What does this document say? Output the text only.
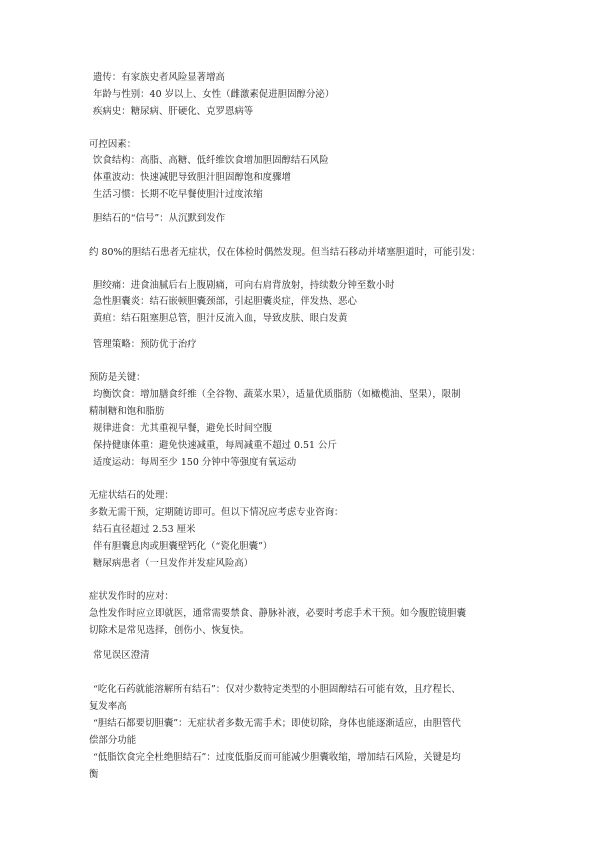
遗传：有家族史者风险显著增高
年龄与性别：40 岁以上、女性（雌激素促进胆固醇分泌）
疾病史：糖尿病、肝硬化、克罗恩病等
可控因素：
饮食结构：高脂、高糖、低纤维饮食增加胆固醇结石风险
体重波动：快速减肥导致胆汁胆固醇饱和度骤增
生活习惯：长期不吃早餐使胆汁过度浓缩
胆结石的“信号”：从沉默到发作
约 80%的胆结石患者无症状，仅在体检时偶然发现。但当结石移动并堵塞胆道时，可能引发：
胆绞痛：进食油腻后右上腹剧痛，可向右肩背放射，持续数分钟至数小时
急性胆囊炎：结石嵌顿胆囊颈部，引起胆囊炎症，伴发热、恶心
黄疸：结石阻塞胆总管，胆汁反流入血，导致皮肤、眼白发黄
管理策略：预防优于治疗
预防是关键：
均衡饮食：增加膳食纤维（全谷物、蔬菜水果），适量优质脂肪（如橄榄油、坚果），限制
精制糖和饱和脂肪
规律进食：尤其重视早餐，避免长时间空腹
保持健康体重：避免快速减重，每周减重不超过 0.51 公斤
适度运动：每周至少 150 分钟中等强度有氧运动
无症状结石的处理：
多数无需干预，定期随访即可。但以下情况应考虑专业咨询：
结石直径超过 2.53 厘米
伴有胆囊息肉或胆囊壁钙化（“瓷化胆囊”）
糖尿病患者（一旦发作并发症风险高）
症状发作时的应对：
急性发作时应立即就医，通常需要禁食、静脉补液，必要时考虑手术干预。如今腹腔镜胆囊
切除术是常见选择，创伤小、恢复快。
常见误区澄清
“吃化石药就能溶解所有结石”：仅对少数特定类型的小胆固醇结石可能有效，且疗程长、
复发率高
“胆结石都要切胆囊”：无症状者多数无需手术；即使切除，身体也能逐渐适应，由胆管代
偿部分功能
“低脂饮食完全杜绝胆结石”：过度低脂反而可能减少胆囊收缩，增加结石风险，关键是均
衡
